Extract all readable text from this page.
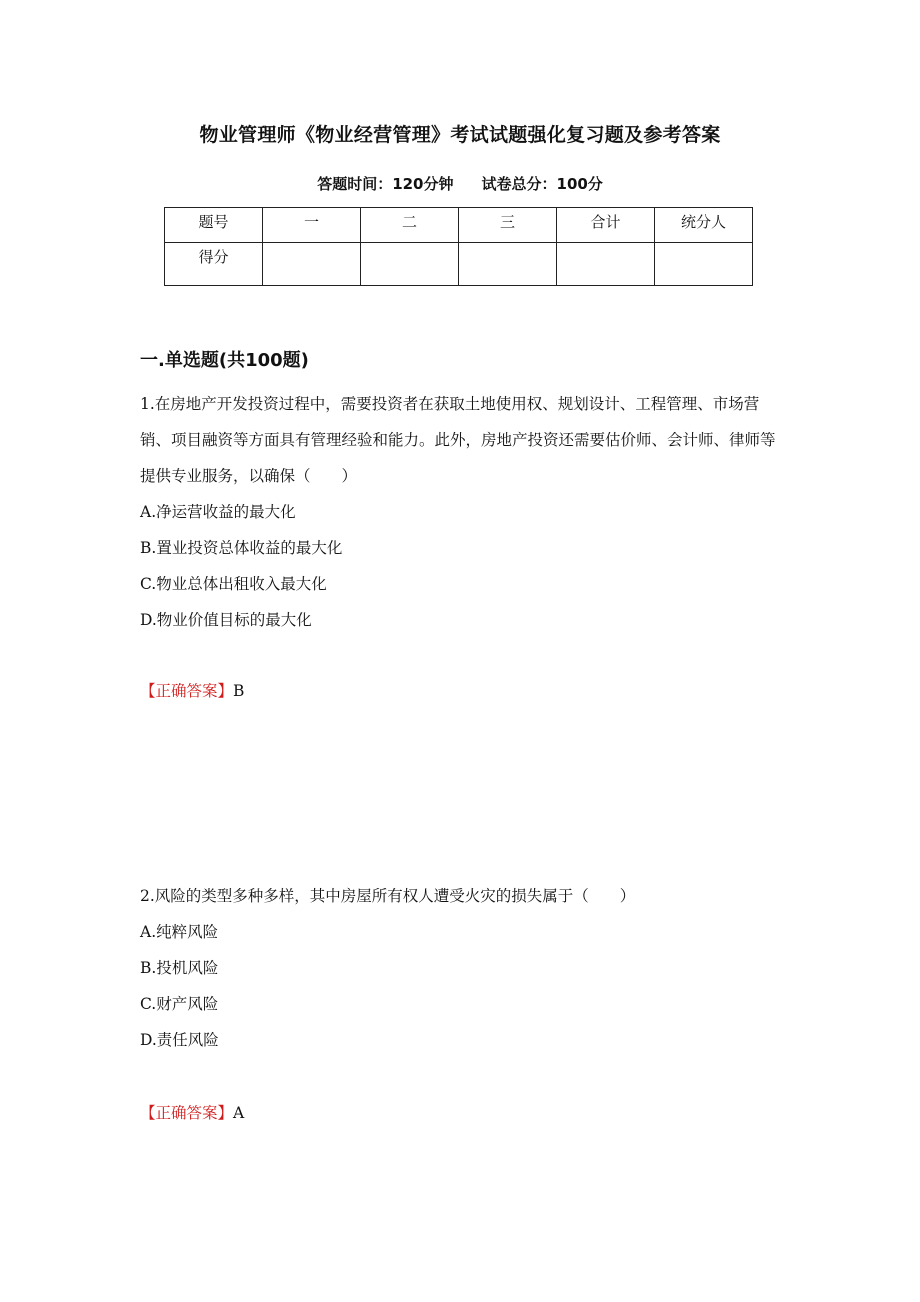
物业管理师《物业经营管理》考试试题强化复习题及参考答案
答题时间：120分钟 试卷总分：100分
题号	一	二	三	合计	统分人
得分					
一.单选题(共100题)

1.在房地产开发投资过程中，需要投资者在获取土地使用权、规划设计、工程管理、市场营销、项目融资等方面具有管理经验和能力。此外，房地产投资还需要估价师、会计师、律师等提供专业服务，以确保（　　）

A.净运营收益的最大化

B.置业投资总体收益的最大化

C.物业总体出租收入最大化

D.物业价值目标的最大化

【正确答案】B

2.风险的类型多种多样，其中房屋所有权人遭受火灾的损失属于（　　）

A.纯粹风险

B.投机风险

C.财产风险

D.责任风险

【正确答案】A
